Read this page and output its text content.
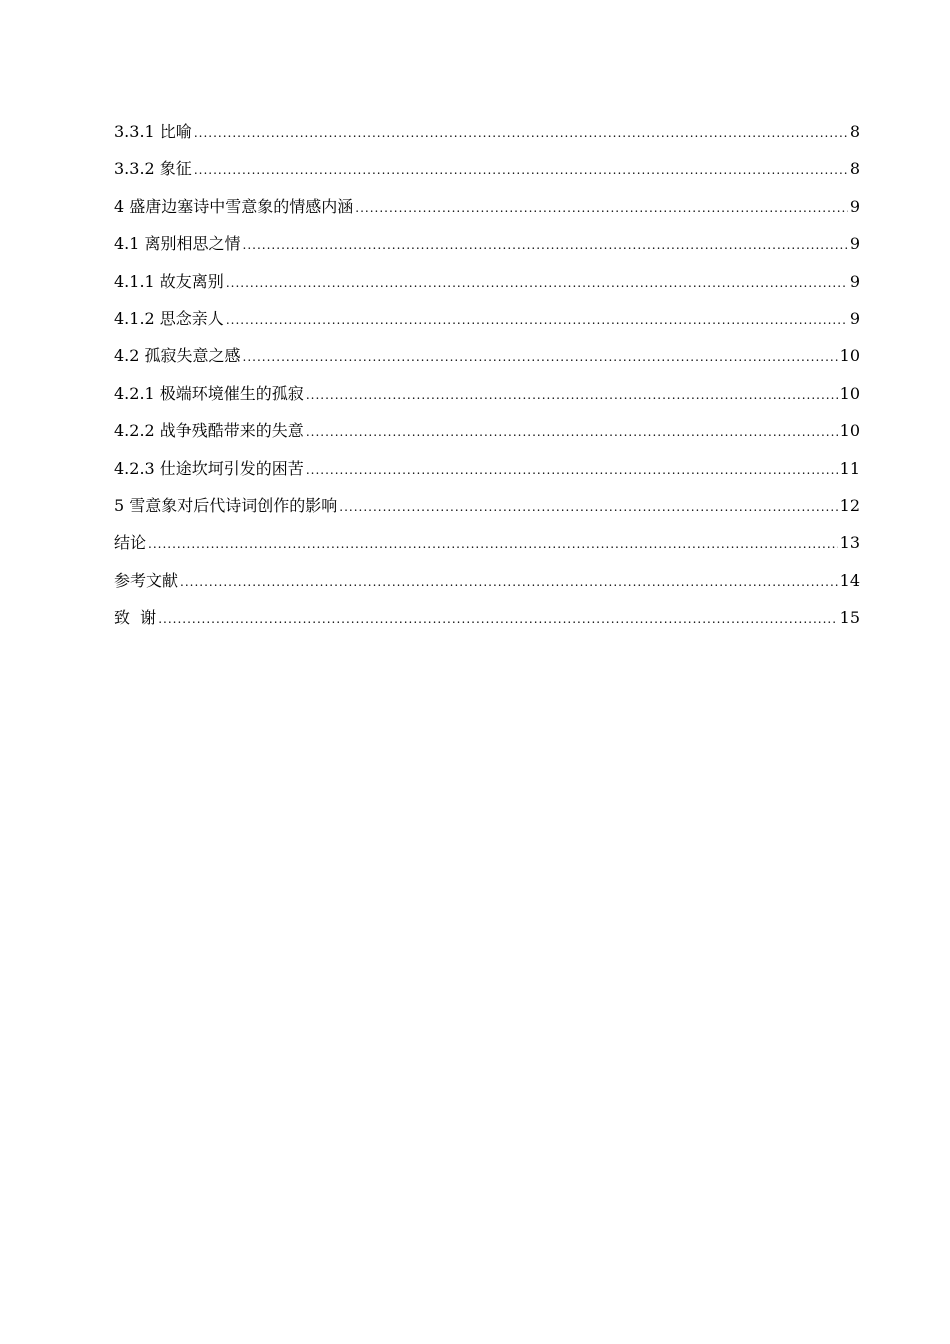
3.3.1 比喻 .....	8
3.3.2 象征 .....	8
4 盛唐边塞诗中雪意象的情感内涵 .....	9
4.1 离别相思之情 .....	9
4.1.1 故友离别 .....	9
4.1.2 思念亲人 .....	9
4.2 孤寂失意之感 .....	10
4.2.1 极端环境催生的孤寂 .....	10
4.2.2 战争残酷带来的失意 .....	10
4.2.3 仕途坎坷引发的困苦 .....	11
5 雪意象对后代诗词创作的影响 .....	12
结论 .....	13
参考文献 .....	14
致  谢 .....	15
